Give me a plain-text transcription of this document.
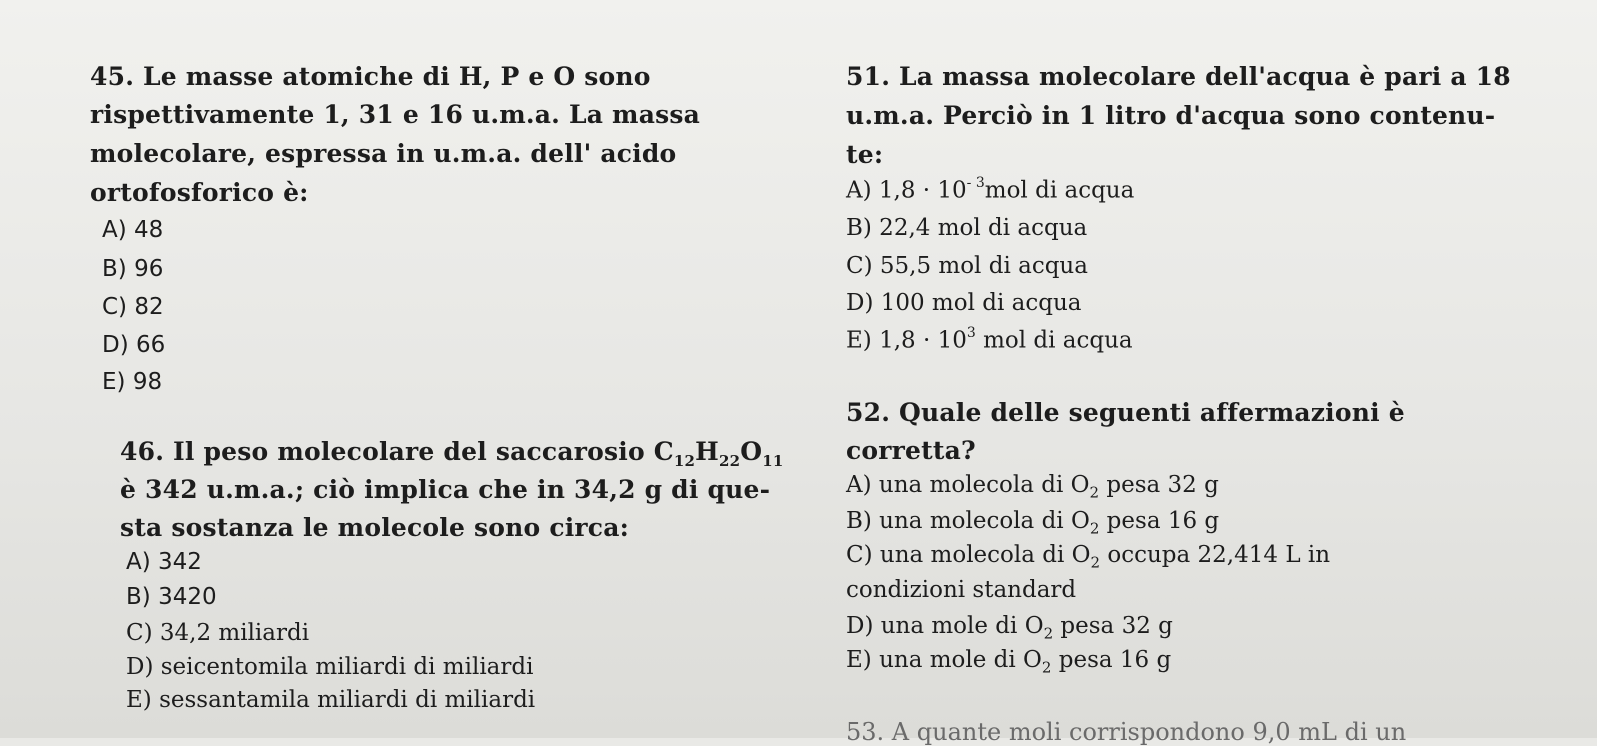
45. Le masse atomiche di H, P e O sono
rispettivamente 1, 31 e 16 u.m.a. La massa
molecolare, espressa in u.m.a. dell' acido
ortofosforico è:
A) 48
B) 96
C) 82
D) 66
E) 98
46. Il peso molecolare del saccarosio $C_{12}H_{22}O_{11}$
è 342 u.m.a.; ciò implica che in 34,2 g di que-
sta sostanza le molecole sono circa:
A) 342
B) 3420
C) 34,2 miliardi
D) seicentomila miliardi di miliardi
E) sessantamila miliardi di miliardi
51. La massa molecolare dell'acqua è pari a 18
u.m.a. Perciò in 1 litro d'acqua sono contenu-
te:
A) $1,8 \cdot 10^{- 3}mol$ di acqua
B) 22,4 mol di acqua
C) 55,5 mol di acqua
D) 100 mol di acqua
E) $1,8 \cdot 10^3$ mol di acqua
52. Quale delle seguenti affermazioni è
corretta?
A) una molecola di $O_2$ pesa 32 g
B) una molecola di $O_2$ pesa 16 g
C) una molecola di $O_2$ occupa 22,414 L in
condizioni standard
D) una mole di $O_2$ pesa 32 g
E) una mole di $O_2$ pesa 16 g
53. A quante moli corrispondono 9,0 mL di un
